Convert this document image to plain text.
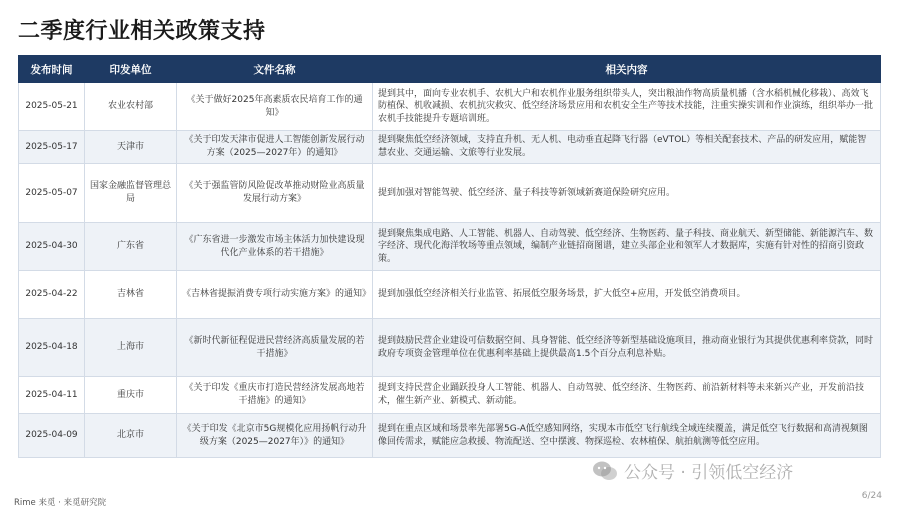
二季度行业相关政策支持
发布时间	印发单位	文件名称	相关内容
2025-05-21	农业农村部	《关于做好2025年高素质农民培育工作的通知》	提到其中，面向专业农机手、农机大户和农机作业服务组织带头人，突出粮油作物高质量机播（含水稻机械化移栽）、高效飞防植保、机收减损、农机抗灾救灾、低空经济场景应用和农机安全生产等技术技能，注重实操实训和作业演练，组织举办一批农机手技能提升专题培训班。
2025-05-17	天津市	《关于印发天津市促进人工智能创新发展行动方案（2025—2027年）的通知》	提到聚焦低空经济领域，支持直升机、无人机、电动垂直起降飞行器（eVTOL）等相关配套技术、产品的研发应用，赋能智慧农业、交通运输、文旅等行业发展。
2025-05-07	国家金融监督管理总局	《关于强监管防风险促改革推动财险业高质量发展行动方案》	提到加强对智能驾驶、低空经济、量子科技等新领域新赛道保险研究应用。
2025-04-30	广东省	《广东省进一步激发市场主体活力加快建设现代化产业体系的若干措施》	提到聚焦集成电路、人工智能、机器人、自动驾驶、低空经济、生物医药、量子科技、商业航天、新型储能、新能源汽车、数字经济、现代化海洋牧场等重点领域，编制产业链招商图谱，建立头部企业和领军人才数据库，实施有针对性的招商引资政策。
2025-04-22	吉林省	《吉林省提振消费专项行动实施方案》的通知》	提到加强低空经济相关行业监管、拓展低空服务场景，扩大低空+应用，开发低空消费项目。
2025-04-18	上海市	《新时代新征程促进民营经济高质量发展的若干措施》	提到鼓励民营企业建设可信数据空间、具身智能、低空经济等新型基础设施项目，推动商业银行为其提供优惠利率贷款，同时政府专项资金管理单位在优惠利率基础上提供最高1.5个百分点利息补贴。
2025-04-11	重庆市	《关于印发《重庆市打造民营经济发展高地若干措施》的通知》	提到支持民营企业踊跃投身人工智能、机器人、自动驾驶、低空经济、生物医药、前沿新材料等未来新兴产业，开发前沿技术，催生新产业、新模式、新动能。
2025-04-09	北京市	《关于印发《北京市5G规模化应用扬帆行动升级方案（2025—2027年）》的通知》	提到在重点区域和场景率先部署5G-A低空感知网络，实现本市低空飞行航线全域连续覆盖，满足低空飞行数据和高清视频图像回传需求，赋能应急救援、物流配送、空中摆渡、物探巡检、农林植保、航拍航测等低空应用。
Rime 来觅 · 来觅研究院
公众号 · 引领低空经济
6/24
